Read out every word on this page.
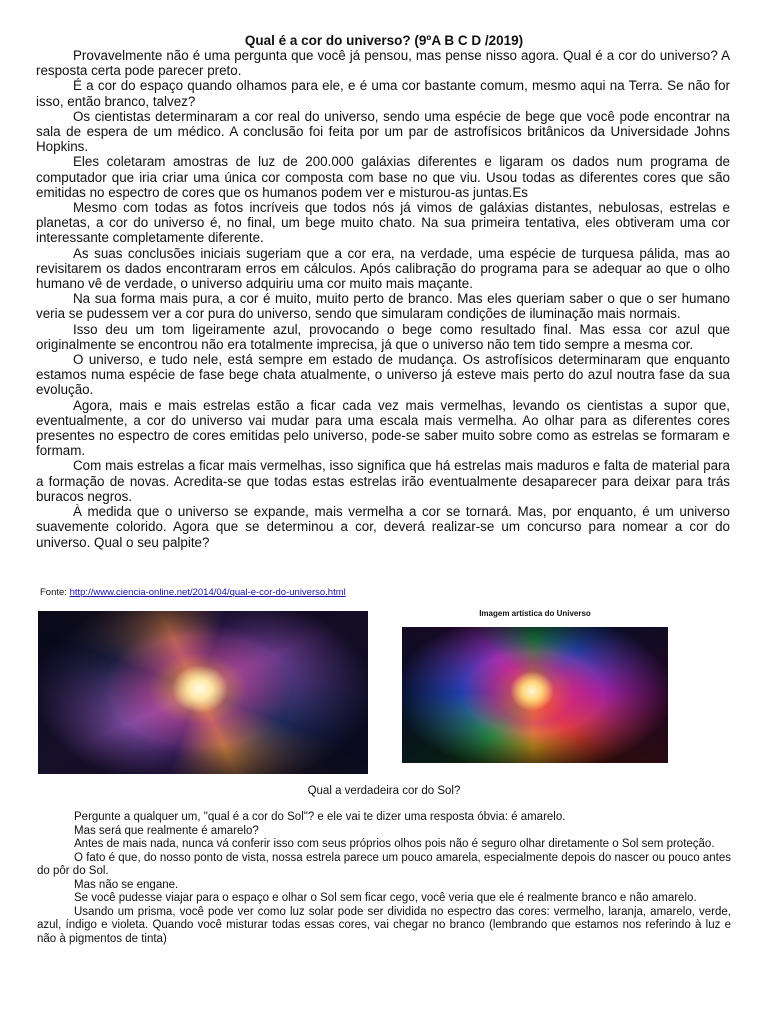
Qual é a cor do universo? (9ºA B C D /2019)

Provavelmente não é uma pergunta que você já pensou, mas pense nisso agora. Qual é a cor do universo? A resposta certa pode parecer preto.

É a cor do espaço quando olhamos para ele, e é uma cor bastante comum, mesmo aqui na Terra. Se não for isso, então branco, talvez?

Os cientistas determinaram a cor real do universo, sendo uma espécie de bege que você pode encontrar na sala de espera de um médico. A conclusão foi feita por um par de astrofísicos britânicos da Universidade Johns Hopkins.

Eles coletaram amostras de luz de 200.000 galáxias diferentes e ligaram os dados num programa de computador que iria criar uma única cor composta com base no que viu. Usou todas as diferentes cores que são emitidas no espectro de cores que os humanos podem ver e misturou-as juntas.Es

Mesmo com todas as fotos incríveis que todos nós já vimos de galáxias distantes, nebulosas, estrelas e planetas, a cor do universo é, no final, um bege muito chato. Na sua primeira tentativa, eles obtiveram uma cor interessante completamente diferente.

As suas conclusões iniciais sugeriam que a cor era, na verdade, uma espécie de turquesa pálida, mas ao revisitarem os dados encontraram erros em cálculos. Após calibração do programa para se adequar ao que o olho humano vê de verdade, o universo adquiriu uma cor muito mais maçante.

Na sua forma mais pura, a cor é muito, muito perto de branco. Mas eles queriam saber o que o ser humano veria se pudessem ver a cor pura do universo, sendo que simularam condições de iluminação mais normais.

Isso deu um tom ligeiramente azul, provocando o bege como resultado final. Mas essa cor azul que originalmente se encontrou não era totalmente imprecisa, já que o universo não tem tido sempre a mesma cor.

O universo, e tudo nele, está sempre em estado de mudança. Os astrofísicos determinaram que enquanto estamos numa espécie de fase bege chata atualmente, o universo já esteve mais perto do azul noutra fase da sua evolução.

Agora, mais e mais estrelas estão a ficar cada vez mais vermelhas, levando os cientistas a supor que, eventualmente, a cor do universo vai mudar para uma escala mais vermelha. Ao olhar para as diferentes cores presentes no espectro de cores emitidas pelo universo, pode-se saber muito sobre como as estrelas se formaram e formam.

Com mais estrelas a ficar mais vermelhas, isso significa que há estrelas mais maduros e falta de material para a formação de novas. Acredita-se que todas estas estrelas irão eventualmente desaparecer para deixar para trás buracos negros.

À medida que o universo se expande, mais vermelha a cor se tornará. Mas, por enquanto, é um universo suavemente colorido. Agora que se determinou a cor, deverá realizar-se um concurso para nomear a cor do universo. Qual o seu palpite?

Fonte: http://www.ciencia-online.net/2014/04/qual-e-cor-do-universo.html
Imagem artística do Universo
Qual a verdadeira cor do Sol?

Pergunte a qualquer um, "qual é a cor do Sol"? e ele vai te dizer uma resposta óbvia: é amarelo.

Mas será que realmente é amarelo?

Antes de mais nada, nunca vá conferir isso com seus próprios olhos pois não é seguro olhar diretamente o Sol sem proteção.

O fato é que, do nosso ponto de vista, nossa estrela parece um pouco amarela, especialmente depois do nascer ou pouco antes do pôr do Sol.

Mas não se engane.

Se você pudesse viajar para o espaço e olhar o Sol sem ficar cego, você veria que ele é realmente branco e não amarelo.

Usando um prisma, você pode ver como luz solar pode ser dividida no espectro das cores: vermelho, laranja, amarelo, verde, azul, índigo e violeta. Quando você misturar todas essas cores, vai chegar no branco (lembrando que estamos nos referindo à luz e não à pigmentos de tinta)
